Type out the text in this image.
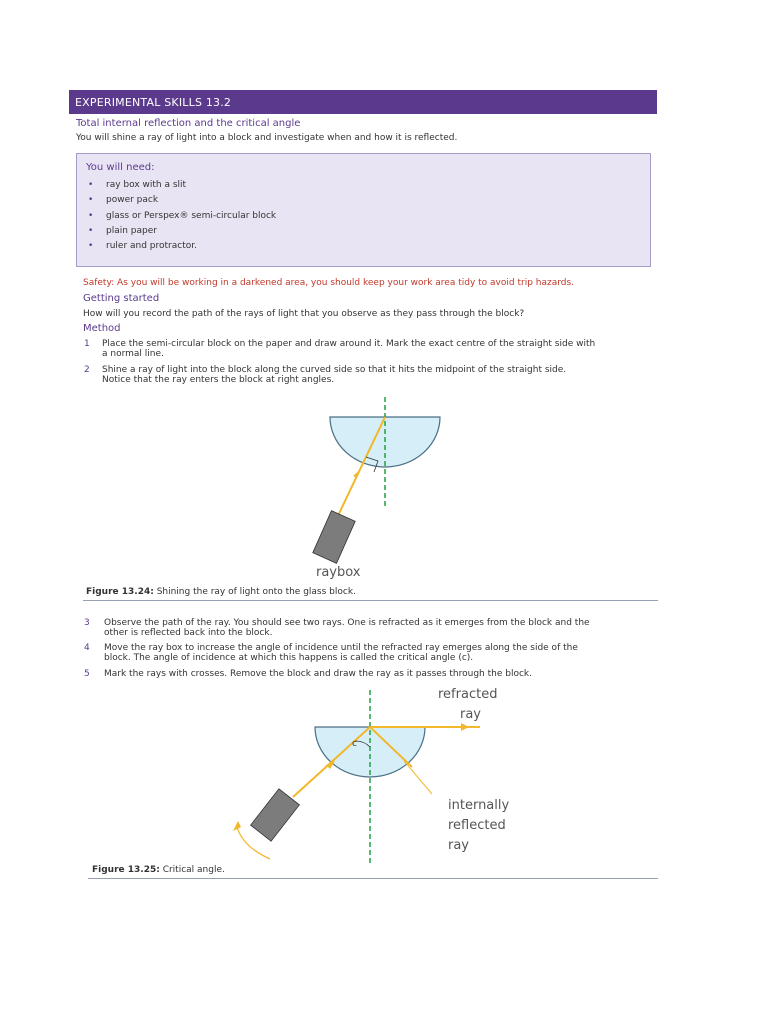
EXPERIMENTAL SKILLS 13.2
Total internal reflection and the critical angle
You will shine a ray of light into a block and investigate when and how it is reflected.
You will need:
• ray box with a slit
• power pack
• glass or Perspex® semi-circular block
• plain paper
• ruler and protractor.
Safety: As you will be working in a darkened area, you should keep your work area tidy to avoid trip hazards.
Getting started
How will you record the path of the rays of light that you observe as they pass through the block?
Method
1 Place the semi-circular block on the paper and draw around it. Mark the exact centre of the straight side with
a normal line.
2 Shine a ray of light into the block along the curved side so that it hits the midpoint of the straight side.
Notice that the ray enters the block at right angles.
raybox
Figure 13.24: Shining the ray of light onto the glass block.
3 Observe the path of the ray. You should see two rays. One is refracted as it emerges from the block and the
other is reflected back into the block.
4 Move the ray box to increase the angle of incidence until the refracted ray emerges along the side of the
block. The angle of incidence at which this happens is called the critical angle (c).
5 Mark the rays with crosses. Remove the block and draw the ray as it passes through the block.
c
refracted
ray
internally
reflected
ray
Figure 13.25: Critical angle.
